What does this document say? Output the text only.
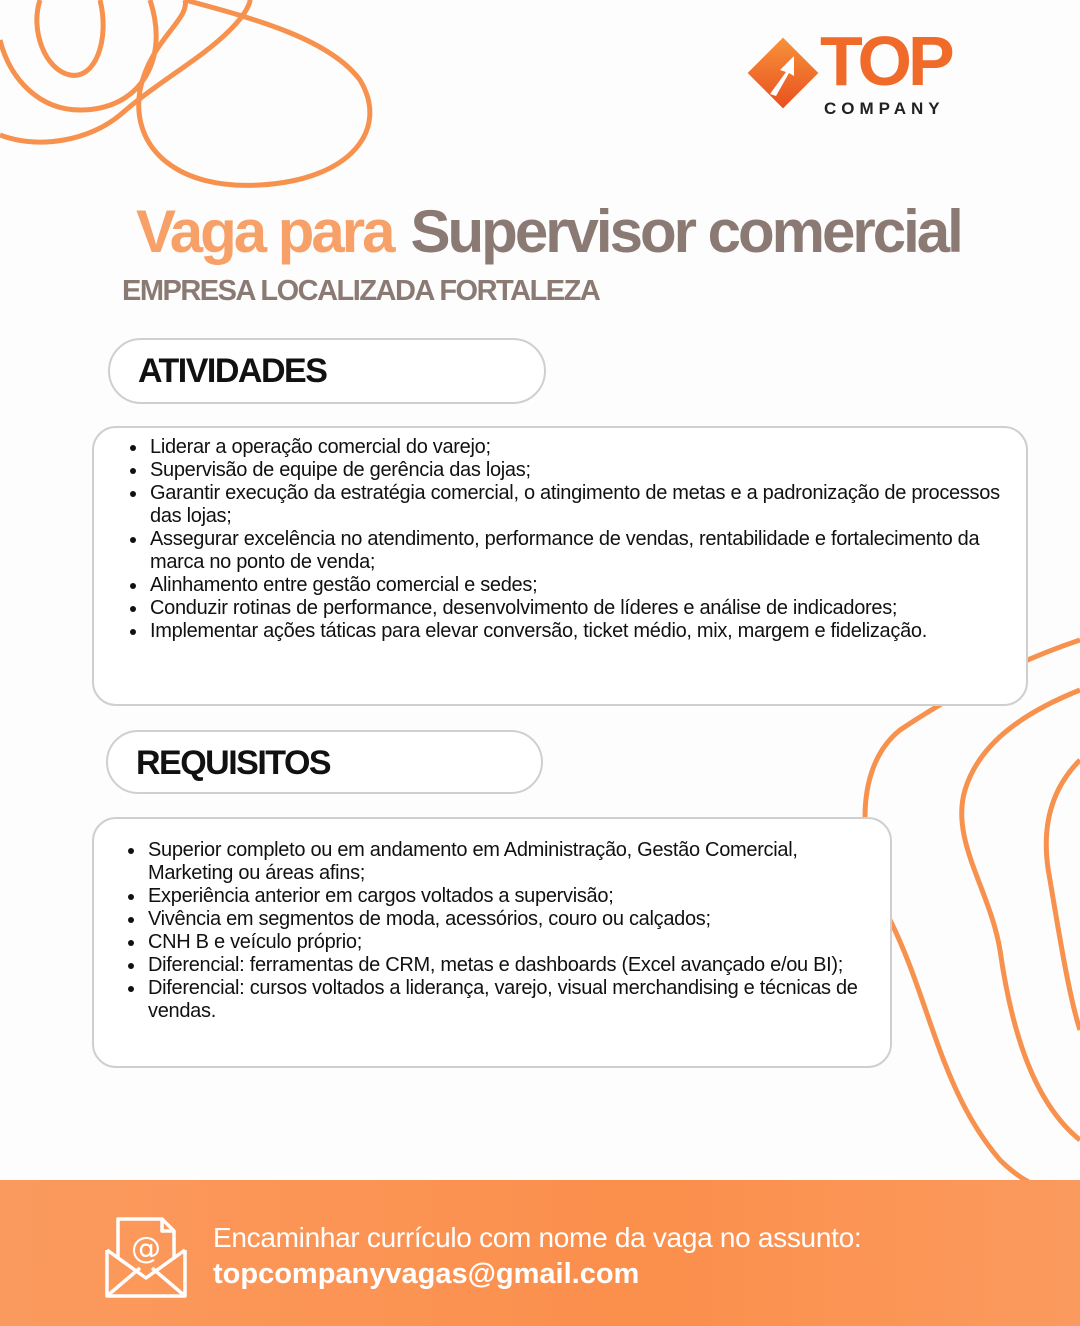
TOP
COMPANY
Vaga para Supervisor comercial
EMPRESA LOCALIZADA FORTALEZA
ATIVIDADES
• Liderar a operação comercial do varejo;
• Supervisão de equipe de gerência das lojas;
• Garantir execução da estratégia comercial, o atingimento de metas e a padronização de processos das lojas;
• Assegurar excelência no atendimento, performance de vendas, rentabilidade e fortalecimento da marca no ponto de venda;
• Alinhamento entre gestão comercial e sedes;
• Conduzir rotinas de performance, desenvolvimento de líderes e análise de indicadores;
• Implementar ações táticas para elevar conversão, ticket médio, mix, margem e fidelização.
REQUISITOS
• Superior completo ou em andamento em Administração, Gestão Comercial, Marketing ou áreas afins;
• Experiência anterior em cargos voltados a supervisão;
• Vivência em segmentos de moda, acessórios, couro ou calçados;
• CNH B e veículo próprio;
• Diferencial: ferramentas de CRM, metas e dashboards (Excel avançado e/ou BI);
• Diferencial: cursos voltados a liderança, varejo, visual merchandising e técnicas de vendas.
@ Encaminhar currículo com nome da vaga no assunto:
topcompanyvagas@gmail.com
